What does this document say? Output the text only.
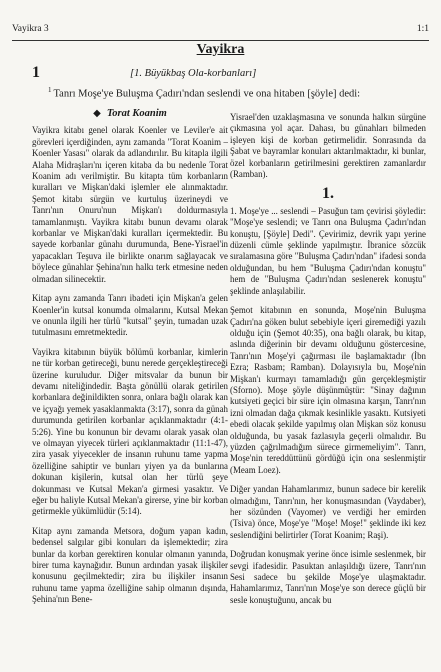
Vayikra 3	1:1
Vayikra
1	[1. Büyükbaş Ola-korbanları]
$^1$ Tanrı Moşe'ye Buluşma Çadırı'ndan seslendi ve ona hitaben [şöyle] dedi:
◆ Torat Koanim

Vayikra kitabı genel olarak Koenler ve Leviler'e ait görevleri içerdiğinden, aynı zamanda "Torat Koanim – Koenler Yasası" olarak da adlandırılır. Bu kitapla ilgili Alaha Midraşları'nı içeren kitaba da bu nedenle Torat Koanim adı verilmiştir. Bu kitapta tüm korbanların kuralları ve Mişkan'daki işlemler ele alınmaktadır. Şemot kitabı sürgün ve kurtuluş üzerineydi ve Tanrı'nın Onuru'nun Mişkan'ı doldurmasıyla tamamlanmıştı. Vayikra kitabı bunun devamı olarak korbanlar ve Mişkan'daki kuralları içermektedir. Bu sayede korbanlar günahı durumunda, Bene-Yisrael'in yapacakları Teşuva ile birlikte onarım sağlayacak ve böylece günahlar Şehina'nın halkı terk etmesine neden olmadan silinecektir.

Kitap aynı zamanda Tanrı ibadeti için Mişkan'a gelen Koenler'in kutsal konumda olmalarını, Kutsal Mekan ve onunla ilgili her türlü "kutsal" şeyin, tumadan uzak tutulmasını emretmektedir.

Vayikra kitabının büyük bölümü korbanlar, kimlerin ne tür korban getireceği, bunu nerede gerçekleştireceği üzerine kuruludur. Diğer mitsvalar da bunun bir devamı niteliğindedir. Başta gönüllü olarak getirilen korbanlara değinildikten sonra, onlara bağlı olarak kan ve içyağı yemek yasaklanmakta (3:17), sonra da günah durumunda getirilen korbanlar açıklanmaktadır (4:1-5:26). Yine bu konunun bir devamı olarak yasak olan ve olmayan yiyecek türleri açıklanmaktadır (11:1-47), zira yasak yiyecekler de insanın ruhunu tame yapma özelliğine sahiptir ve bunları yiyen ya da bunlarına dokunan kişilerin, kutsal olan her türlü şeye dokunması ve Kutsal Mekan'a girmesi yasaktır. Ve eğer bu haliyle Kutsal Mekan'a girerse, yine bir korban getirmekle yükümlüdür (5:14).

Kitap aynı zamanda Metsora, doğum yapan kadın, bedensel salgılar gibi konuları da işlemektedir; zira bunlar da korban gerektiren konular olmanın yanında, birer tuma kaynağıdır. Bunun ardından yasak ilişkiler konusunu geçilmektedir; zira bu ilişkiler insanın ruhunu tame yapma özelliğine sahip olmanın dışında, Şehina'nın Bene-

Yisrael'den uzaklaşmasına ve sonunda halkın sürgüne çıkmasına yol açar. Dahası, bu günahları bilmeden işleyen kişi de korban getirmelidir. Sonrasında da Şabat ve bayramlar konuları aktarılmaktadır, ki bunlar, özel korbanların getirilmesini gerektiren zamanlardır (Ramban).

1.

1. Moşe'ye ... seslendi – Pasuğun tam çevirisi şöyledir: "Moşe'ye seslendi; ve Tanrı ona Buluşma Çadırı'ndan konuştu, [Şöyle] Dedi". Çevirimiz, devrik yapı yerine düzenli cümle şeklinde yapılmıştır. İbranice sözcük sıralamasına göre "Buluşma Çadırı'ndan" ifadesi sonda olduğundan, bu hem "Buluşma Çadırı'ndan konuştu" hem de "Buluşma Çadırı'ndan seslenerek konuştu" şeklinde anlaşılabilir.

Şemot kitabının en sonunda, Moşe'nin Buluşma Çadırı'na göken bulut sebebiyle içeri giremediği yazılı olduğu için (Şemot 40:35), ona bağlı olarak, bu kitap, aslında diğerinin bir devamı olduğunu göstercesine, Tanrı'nın Moşe'yi çağırması ile başlamaktadır (İbn Ezra; Rasbam; Ramban). Dolayısıyla bu, Moşe'nin Mişkan'ı kurmayı tamamladığı gün gerçekleşmiştir (Sforno). Moşe şöyle düşünmüştür: "Sinay dağının kutsiyeti geçici bir süre için olmasına karşın, Tanrı'nın izni olmadan dağa çıkmak kesinlikle yasaktı. Kutsiyeti ebedi olacak şekilde yapılmış olan Mişkan söz konusu olduğunda, bu yasak fazlasıyla geçerli olmalıdır. Bu yüzden çağrılmadığım sürece girmemeliyim". Tanrı, Moşe'nin tereddüttünü gördüğü için ona seslenmiştir (Meam Loez).

Diğer yandan Hahamlarımız, bunun sadece bir kerelik olmadığını, Tanrı'nın, her konuşmasından (Vaydaber), her sözünden (Vayomer) ve verdiği her emirden (Tsiva) önce, Moşe'ye "Moşe! Moşe!" şeklinde iki kez seslendiğini belirtirler (Torat Koanim; Raşi).

Doğrudan konuşmak yerine önce isimle seslenmek, bir sevgi ifadesidir. Pasuktan anlaşıldığı üzere, Tanrı'nın Sesi sadece bu şekilde Moşe'ye ulaşmaktadır. Hahamlarımız, Tanrı'nın Moşe'ye son derece güçlü bir sesle konuştuğunu, ancak bu
